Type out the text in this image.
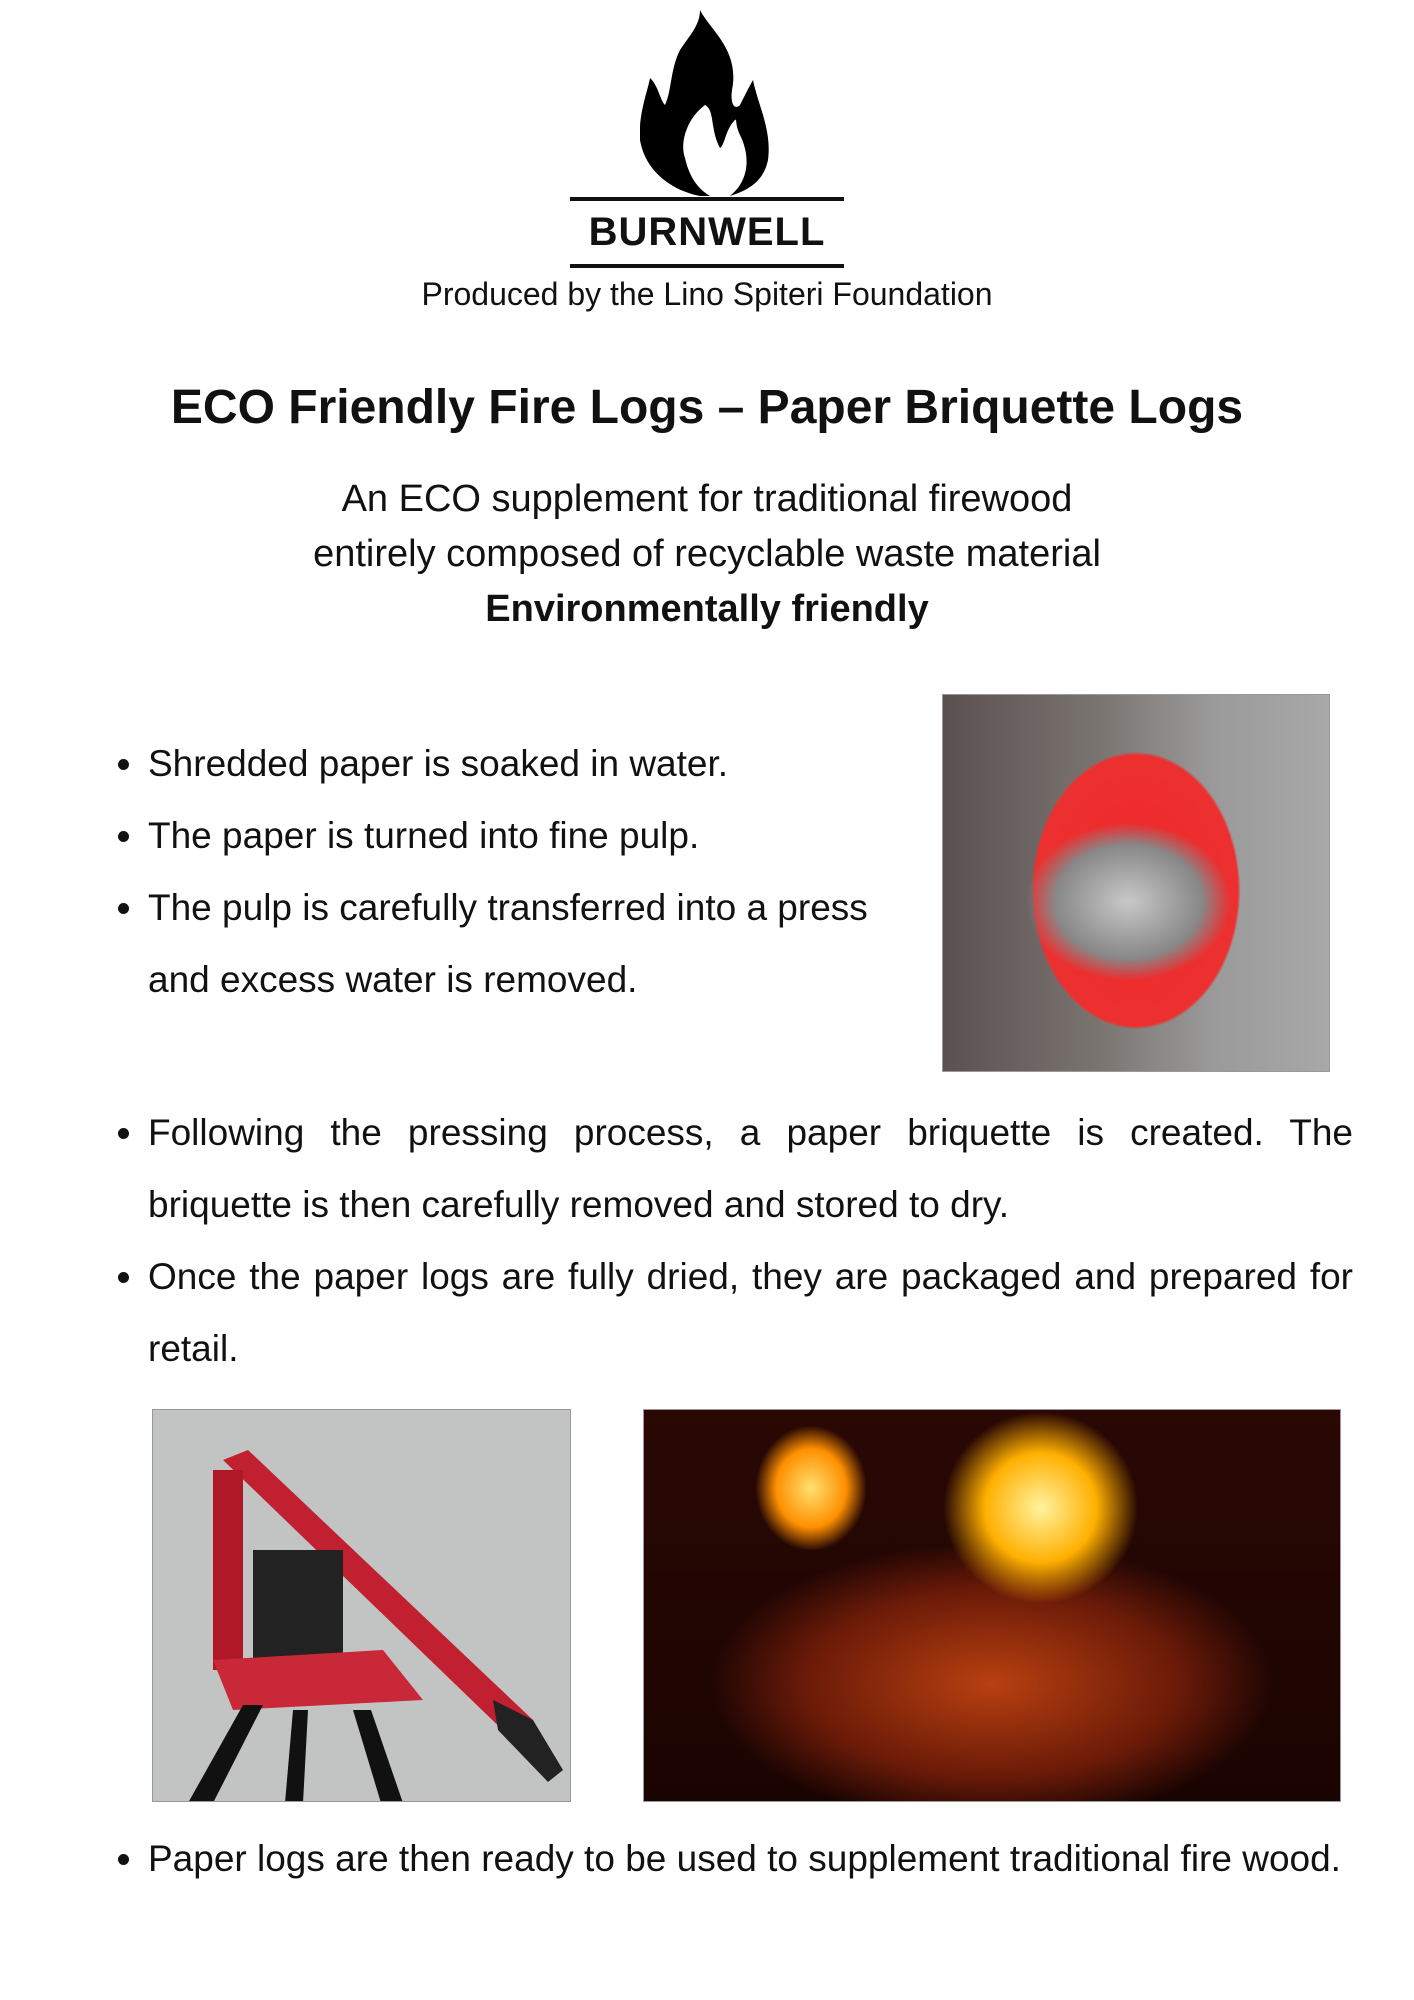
BURNWELL
Produced by the Lino Spiteri Foundation
ECO Friendly Fire Logs – Paper Briquette Logs
An ECO supplement for traditional firewood
entirely composed of recyclable waste material
Environmentally friendly
Shredded paper is soaked in water.
The paper is turned into fine pulp.
The pulp is carefully transferred into a press and excess water is removed.
Following the pressing process, a paper briquette is created. The briquette is then carefully removed and stored to dry.
Once the paper logs are fully dried, they are packaged and prepared for retail.
Paper logs are then ready to be used to supplement traditional fire wood.
